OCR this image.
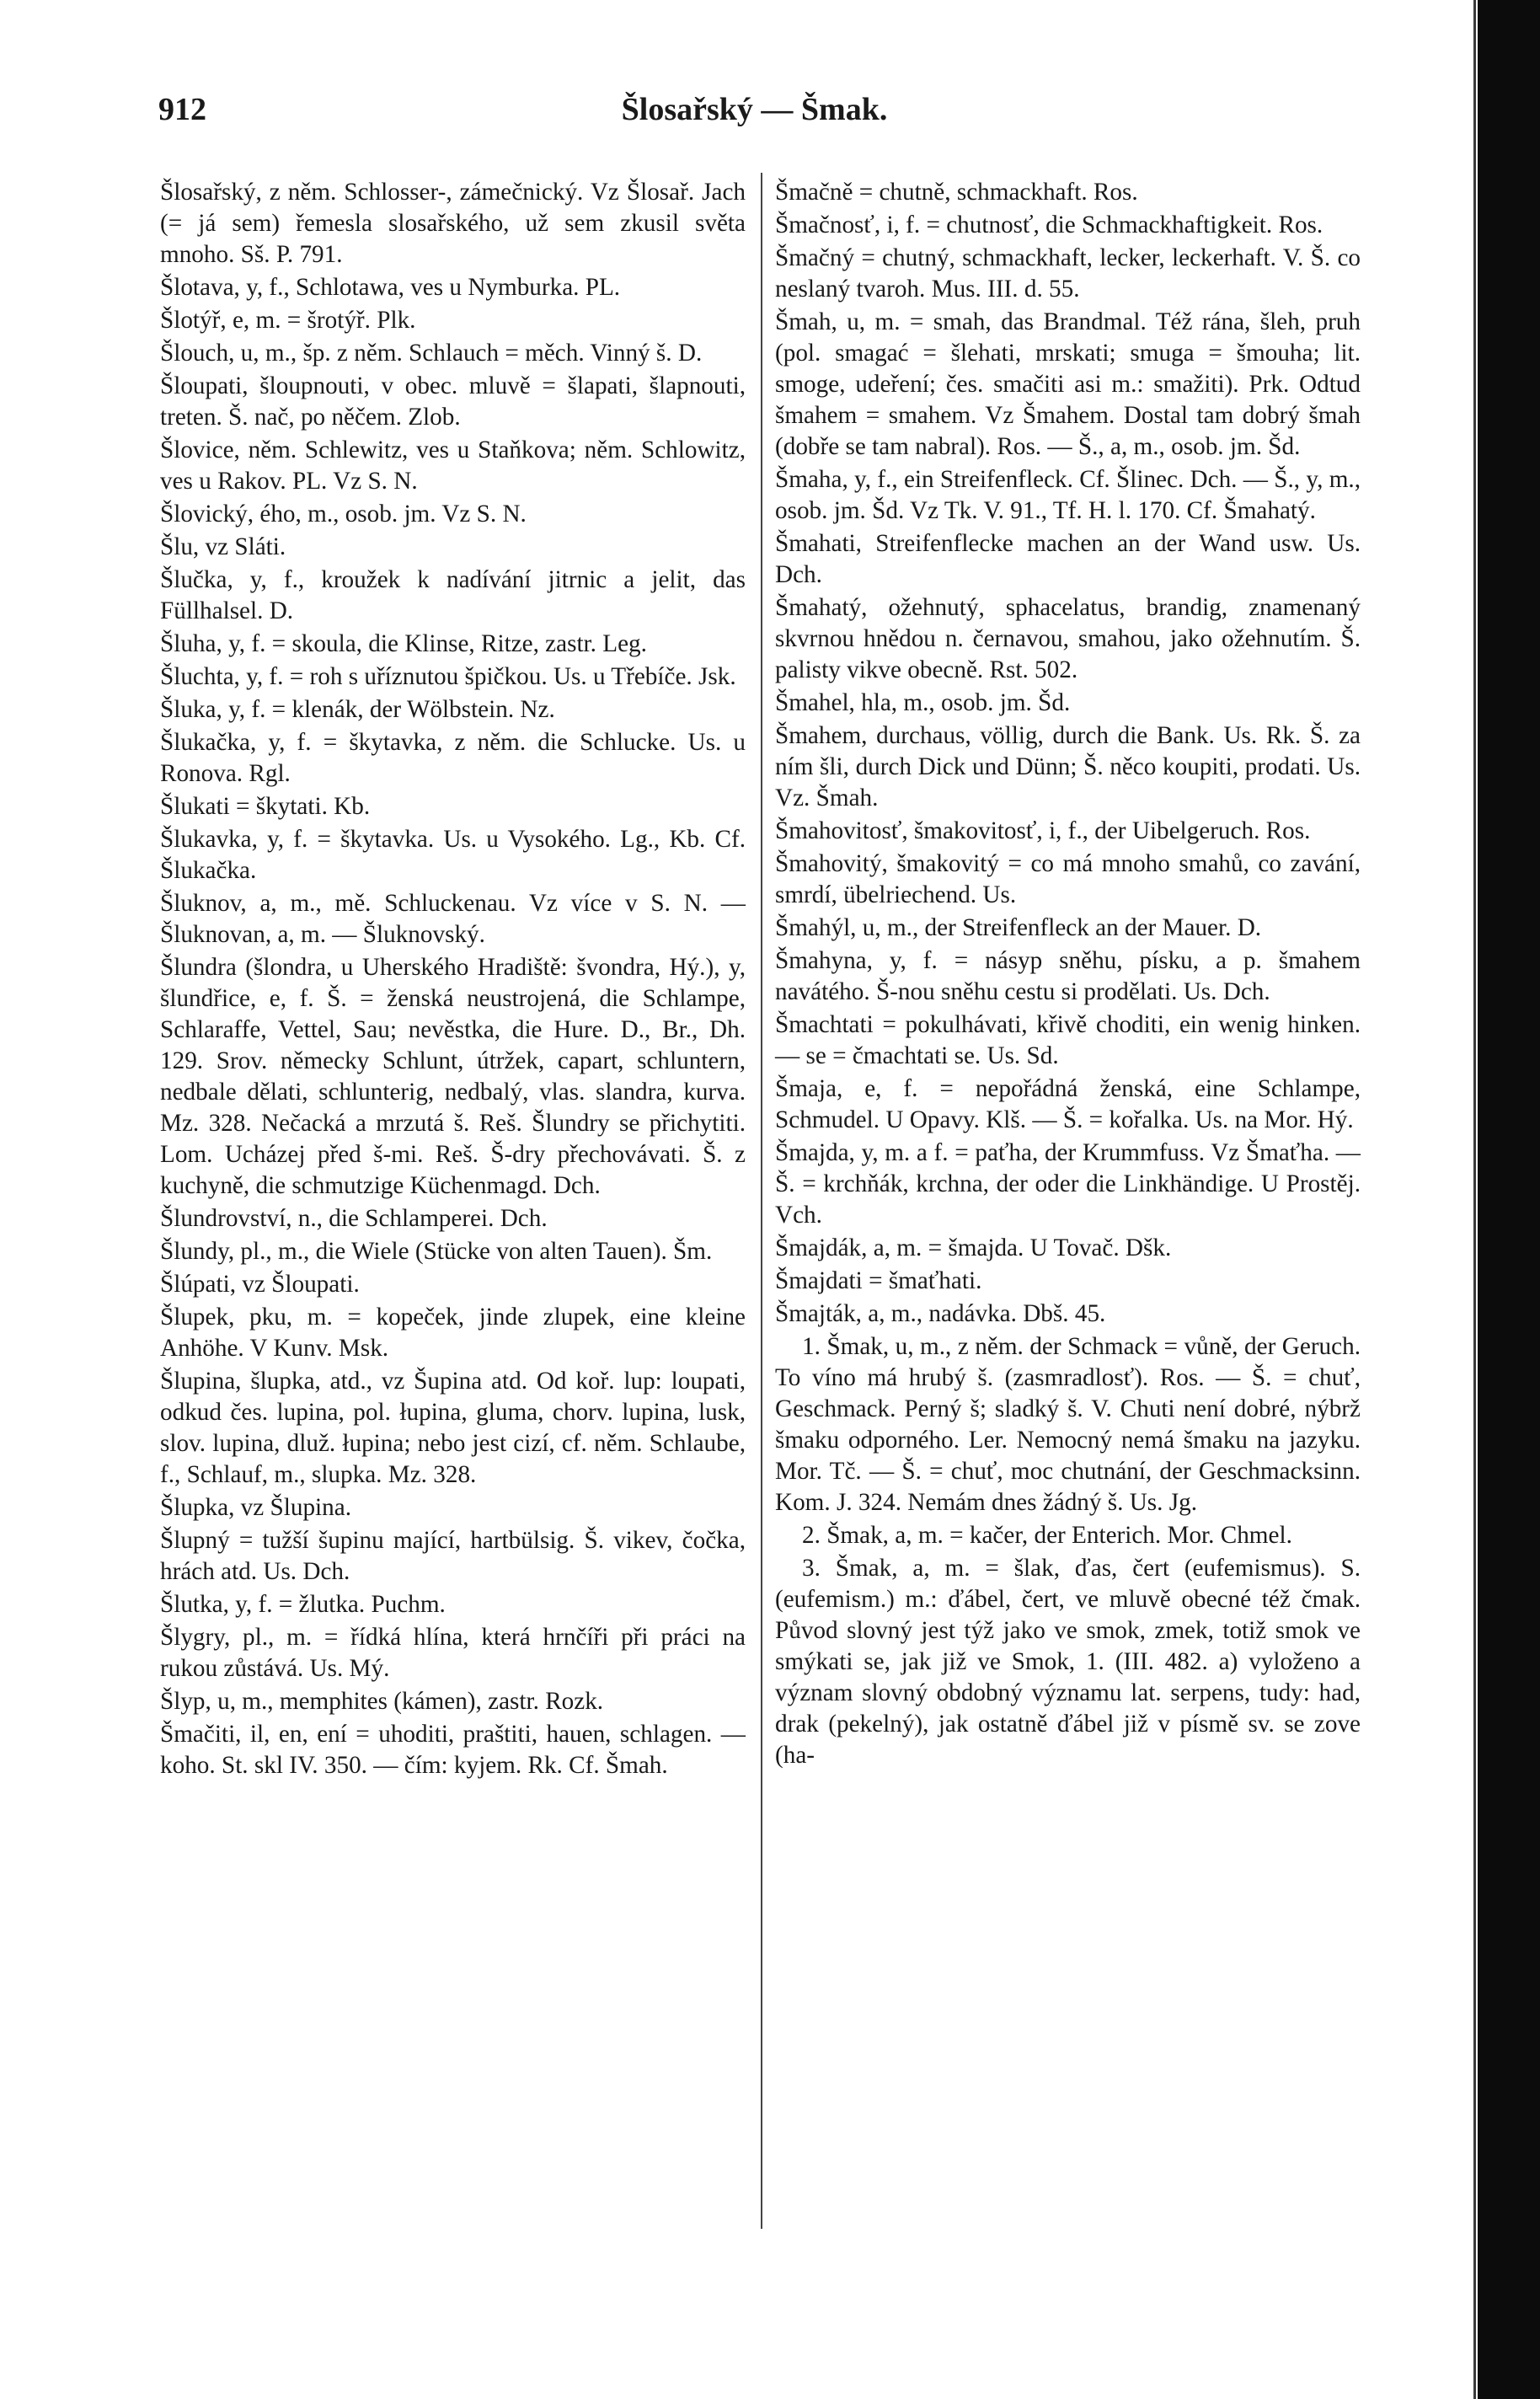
912	Šlosařský — Šmak.

Šlosařský, z něm. Schlosser-, zámečnický. Vz Šlosař. Jach (= já sem) řemesla slosařského, už sem zkusil světa mnoho. Sš. P. 791.

Šlotava, y, f., Schlotawa, ves u Nymburka. PL.

Šlotýř, e, m. = šrotýř. Plk.

Šlouch, u, m., šp. z něm. Schlauch = měch. Vinný š. D.

Šloupati, šloupnouti, v obec. mluvě = šlapati, šlapnouti, treten. Š. nač, po něčem. Zlob.

Šlovice, něm. Schlewitz, ves u Staňkova; něm. Schlowitz, ves u Rakov. PL. Vz S. N.

Šlovický, ého, m., osob. jm. Vz S. N.

Šlu, vz Sláti.

Šlučka, y, f., kroužek k nadívání jitrnic a jelit, das Füllhalsel. D.

Šluha, y, f. = skoula, die Klinse, Ritze, zastr. Leg.

Šluchta, y, f. = roh s uříznutou špičkou. Us. u Třebíče. Jsk.

Šluka, y, f. = klenák, der Wölbstein. Nz.

Šlukačka, y, f. = škytavka, z něm. die Schlucke. Us. u Ronova. Rgl.

Šlukati = škytati. Kb.

Šlukavka, y, f. = škytavka. Us. u Vysokého. Lg., Kb. Cf. Šlukačka.

Šluknov, a, m., mě. Schluckenau. Vz více v S. N. — Šluknovan, a, m. — Šluknovský.

Šlundra (šlondra, u Uherského Hradiště: švondra, Hý.), y, šlundřice, e, f. Š. = ženská neustrojená, die Schlampe, Schlaraffe, Vettel, Sau; nevěstka, die Hure. D., Br., Dh. 129. Srov. německy Schlunt, útržek, capart, schluntern, nedbale dělati, schlunterig, nedbalý, vlas. slandra, kurva. Mz. 328. Nečacká a mrzutá š. Reš. Šlundry se přichytiti. Lom. Ucházej před š-mi. Reš. Š-dry přechovávati. Š. z kuchyně, die schmutzige Küchenmagd. Dch.

Šlundrovství, n., die Schlamperei. Dch.

Šlundy, pl., m., die Wiele (Stücke von alten Tauen). Šm.

Šlúpati, vz Šloupati.

Šlupek, pku, m. = kopeček, jinde zlupek, eine kleine Anhöhe. V Kunv. Msk.

Šlupina, šlupka, atd., vz Šupina atd. Od koř. lup: loupati, odkud čes. lupina, pol. łupina, gluma, chorv. lupina, lusk, slov. lupina, dluž. łupina; nebo jest cizí, cf. něm. Schlaube, f., Schlauf, m., slupka. Mz. 328.

Šlupka, vz Šlupina.

Šlupný = tužší šupinu mající, hartbülsig. Š. vikev, čočka, hrách atd. Us. Dch.

Šlutka, y, f. = žlutka. Puchm.

Šlygry, pl., m. = řídká hlína, která hrnčíři při práci na rukou zůstává. Us. Mý.

Šlyp, u, m., memphites (kámen), zastr. Rozk.

Šmačiti, il, en, ení = uhoditi, praštiti, hauen, schlagen. — koho. St. skl IV. 350. — čím: kyjem. Rk. Cf. Šmah.

Šmačně = chutně, schmackhaft. Ros.

Šmačnosť, i, f. = chutnosť, die Schmackhaftigkeit. Ros.

Šmačný = chutný, schmackhaft, lecker, leckerhaft. V. Š. co neslaný tvaroh. Mus. III. d. 55.

Šmah, u, m. = smah, das Brandmal. Též rána, šleh, pruh (pol. smagać = šlehati, mrskati; smuga = šmouha; lit. smoge, udeření; čes. smačiti asi m.: smažiti). Prk. Odtud šmahem = smahem. Vz Šmahem. Dostal tam dobrý šmah (dobře se tam nabral). Ros. — Š., a, m., osob. jm. Šd.

Šmaha, y, f., ein Streifenfleck. Cf. Šlinec. Dch. — Š., y, m., osob. jm. Šd. Vz Tk. V. 91., Tf. H. l. 170. Cf. Šmahatý.

Šmahati, Streifenflecke machen an der Wand usw. Us. Dch.

Šmahatý, ožehnutý, sphacelatus, brandig, znamenaný skvrnou hnědou n. černavou, smahou, jako ožehnutím. Š. palisty vikve obecně. Rst. 502.

Šmahel, hla, m., osob. jm. Šd.

Šmahem, durchaus, völlig, durch die Bank. Us. Rk. Š. za ním šli, durch Dick und Dünn; Š. něco koupiti, prodati. Us. Vz. Šmah.

Šmahovitosť, šmakovitosť, i, f., der Uibelgeruch. Ros.

Šmahovitý, šmakovitý = co má mnoho smahů, co zavání, smrdí, übelriechend. Us.

Šmahýl, u, m., der Streifenfleck an der Mauer. D.

Šmahyna, y, f. = násyp sněhu, písku, a p. šmahem navátého. Š-nou sněhu cestu si prodělati. Us. Dch.

Šmachtati = pokulhávati, křivě choditi, ein wenig hinken. — se = čmachtati se. Us. Sd.

Šmaja, e, f. = nepořádná ženská, eine Schlampe, Schmudel. U Opavy. Klš. — Š. = kořalka. Us. na Mor. Hý.

Šmajda, y, m. a f. = paťha, der Krummfuss. Vz Šmaťha. — Š. = krchňák, krchna, der oder die Linkhändige. U Prostěj. Vch.

Šmajdák, a, m. = šmajda. U Tovač. Dšk.

Šmajdati = šmaťhati.

Šmajták, a, m., nadávka. Dbš. 45.

1. Šmak, u, m., z něm. der Schmack = vůně, der Geruch. To víno má hrubý š. (zasmradlosť). Ros. — Š. = chuť, Geschmack. Perný š; sladký š. V. Chuti není dobré, nýbrž šmaku odporného. Ler. Nemocný nemá šmaku na jazyku. Mor. Tč. — Š. = chuť, moc chutnání, der Geschmacksinn. Kom. J. 324. Nemám dnes žádný š. Us. Jg.

2. Šmak, a, m. = kačer, der Enterich. Mor. Chmel.

3. Šmak, a, m. = šlak, ďas, čert (eufemismus). S. (eufemism.) m.: ďábel, čert, ve mluvě obecné též čmak. Původ slovný jest týž jako ve smok, zmek, totiž smok ve smýkati se, jak již ve Smok, 1. (III. 482. a) vyloženo a význam slovný obdobný významu lat. serpens, tudy: had, drak (pekelný), jak ostatně ďábel již v písmě sv. se zove (ha-
